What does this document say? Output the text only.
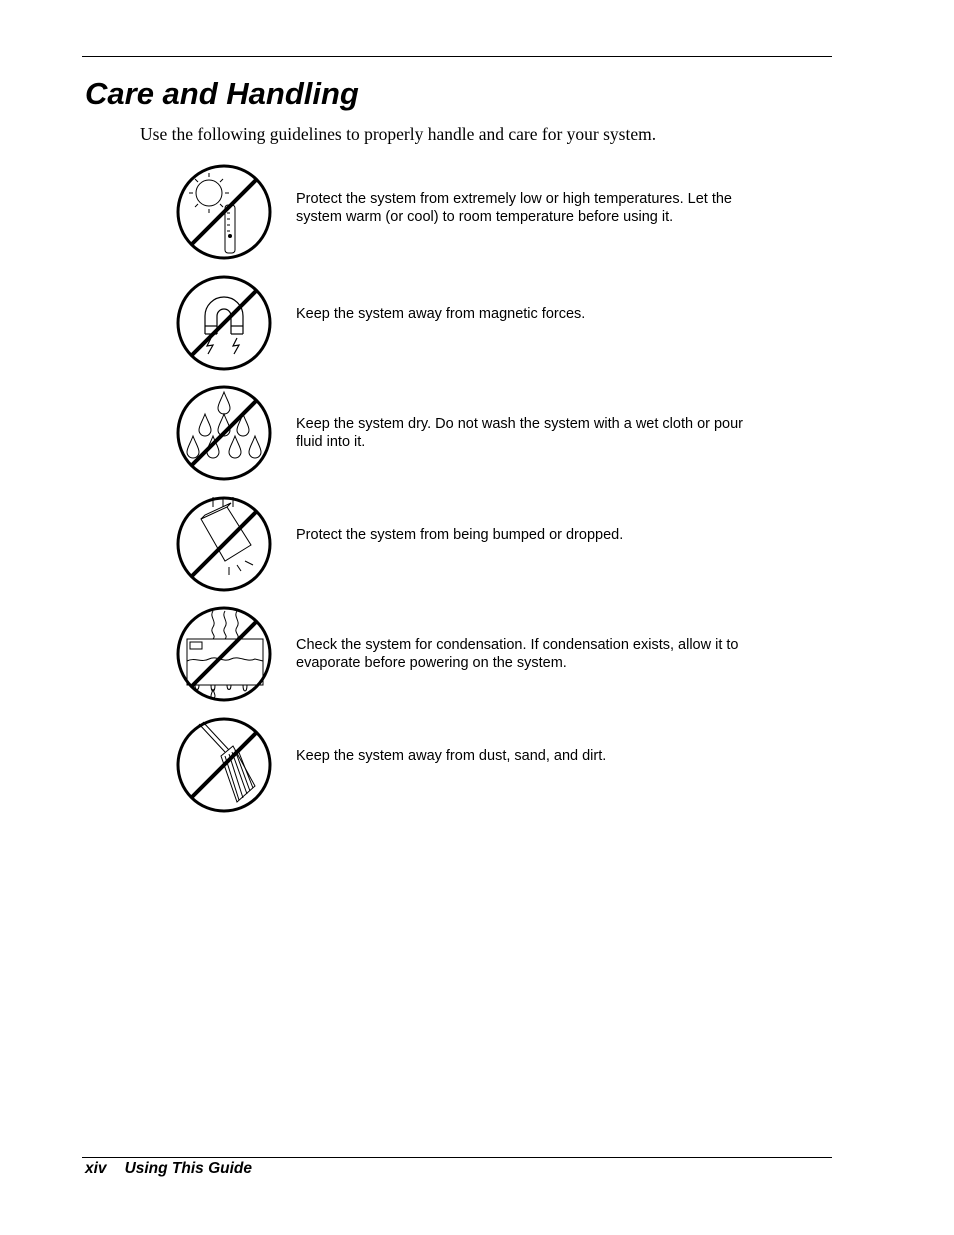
Care and Handling

Use the following guidelines to properly handle and care for your system.

Protect the system from extremely low or high temperatures. Let the system warm (or cool) to room temperature before using it.

Keep the system away from magnetic forces.

Keep the system dry. Do not wash the system with a wet cloth or pour fluid into it.

Protect the system from being bumped or dropped.

Check the system for condensation. If condensation exists, allow it to evaporate before powering on the system.

Keep the system away from dust, sand, and dirt.

xiv Using This Guide
